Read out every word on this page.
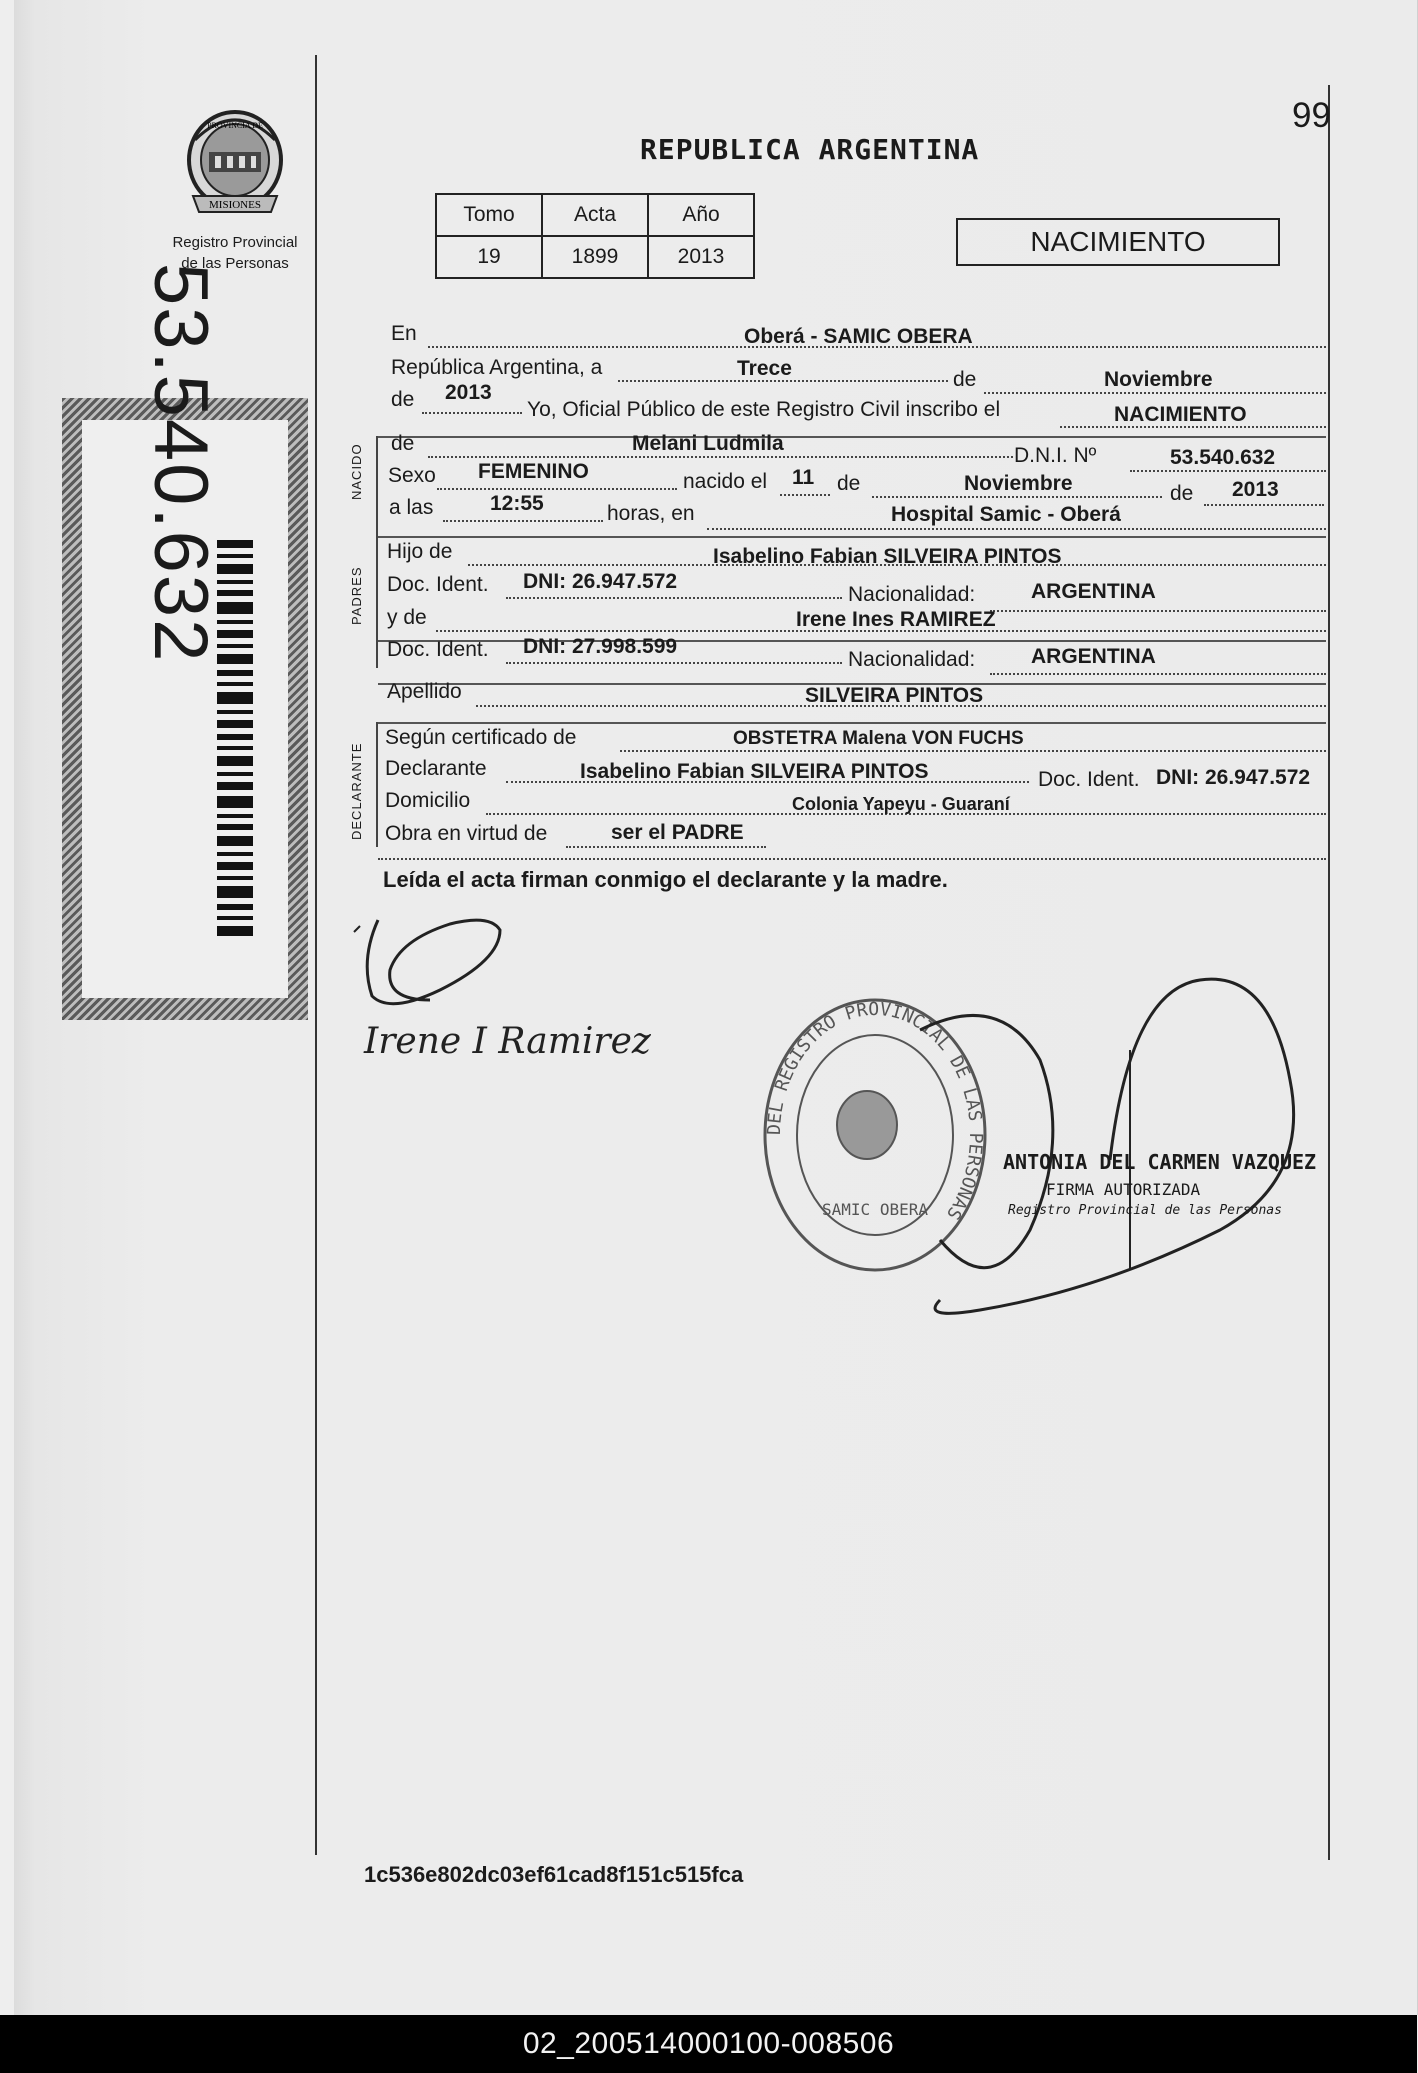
MISIONES
PROVINCIA DE
Registro Provincial
de las Personas
53.540.632
99
REPUBLICA ARGENTINA
Tomo	Acta	Año
19	1899	2013	NACIMIENTO
En	Oberá - SAMIC OBERA
República Argentina, a	Trece	de	Noviembre
de 2013
Yo, Oficial Público de este Registro Civil inscribo el	NACIMIENTO
NACIDO de	Melani Ludmila
D.N.I. Nº	53.540.632
Sexo FEMENINO	nacido el 11 de	Noviembre	de 2013
a las	12:55	horas, en	Hospital Samic - Oberá
PADRES
Hijo de	Isabelino Fabian SILVEIRA PINTOS
Doc. Ident. DNI: 26.947.572
Nacionalidad:	ARGENTINA
y de	Irene Ines RAMIREZ
Doc. Ident. DNI: 27.998.599
Nacionalidad:	ARGENTINA
Apellido	SILVEIRA PINTOS
DECLARANTE
Según certificado de	OBSTETRA Malena VON FUCHS
Declarante	Isabelino Fabian SILVEIRA PINTOS	Doc. Ident. DNI: 26.947.572
Domicilio	Colonia Yapeyu - Guaraní
Obra en virtud de	ser el PADRE
Leída el acta firman conmigo el declarante y la madre.
Irene I Ramirez
DEL REGISTRO PROVINCIAL DE LAS PERSONAS
SAMIC OBERA
ANTONIA DEL CARMEN VAZQUEZ
FIRMA AUTORIZADA
Registro Provincial de las Personas
1c536e802dc03ef61cad8f151c515fca
02_200514000100-008506
